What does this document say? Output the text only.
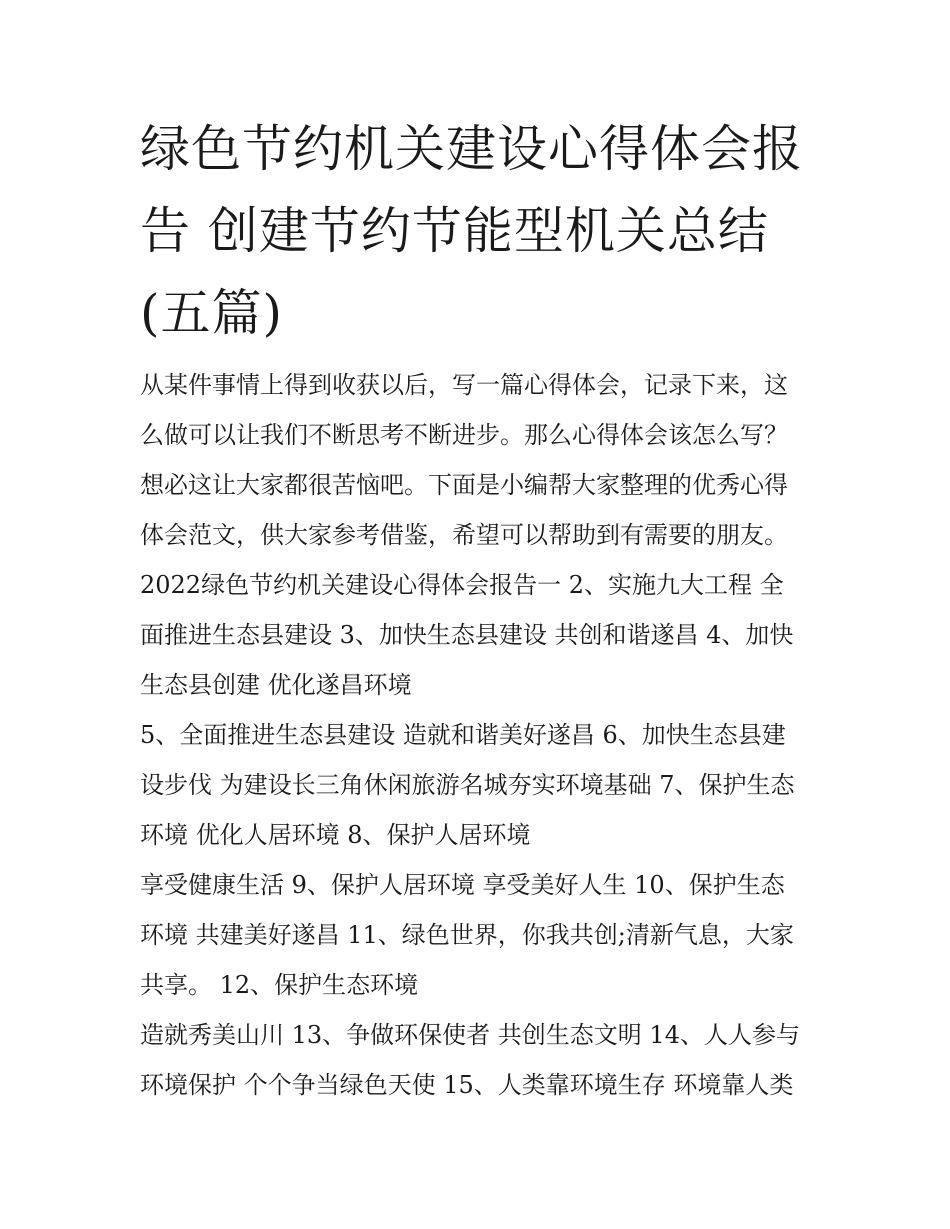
绿色节约机关建设心得体会报告 创建节约节能型机关总结(五篇)
从某件事情上得到收获以后，写一篇心得体会，记录下来，这
么做可以让我们不断思考不断进步。那么心得体会该怎么写？
想必这让大家都很苦恼吧。下面是小编帮大家整理的优秀心得
体会范文，供大家参考借鉴，希望可以帮助到有需要的朋友。
2022绿色节约机关建设心得体会报告一 2、实施九大工程 全
面推进生态县建设 3、加快生态县建设 共创和谐遂昌 4、加快
生态县创建 优化遂昌环境
5、全面推进生态县建设 造就和谐美好遂昌 6、加快生态县建
设步伐 为建设长三角休闲旅游名城夯实环境基础 7、保护生态
环境 优化人居环境 8、保护人居环境
享受健康生活 9、保护人居环境 享受美好人生 10、保护生态
环境 共建美好遂昌 11、绿色世界，你我共创;清新气息，大家
共享。 12、保护生态环境
造就秀美山川 13、争做环保使者 共创生态文明 14、人人参与
环境保护 个个争当绿色天使 15、人类靠环境生存 环境靠人类
